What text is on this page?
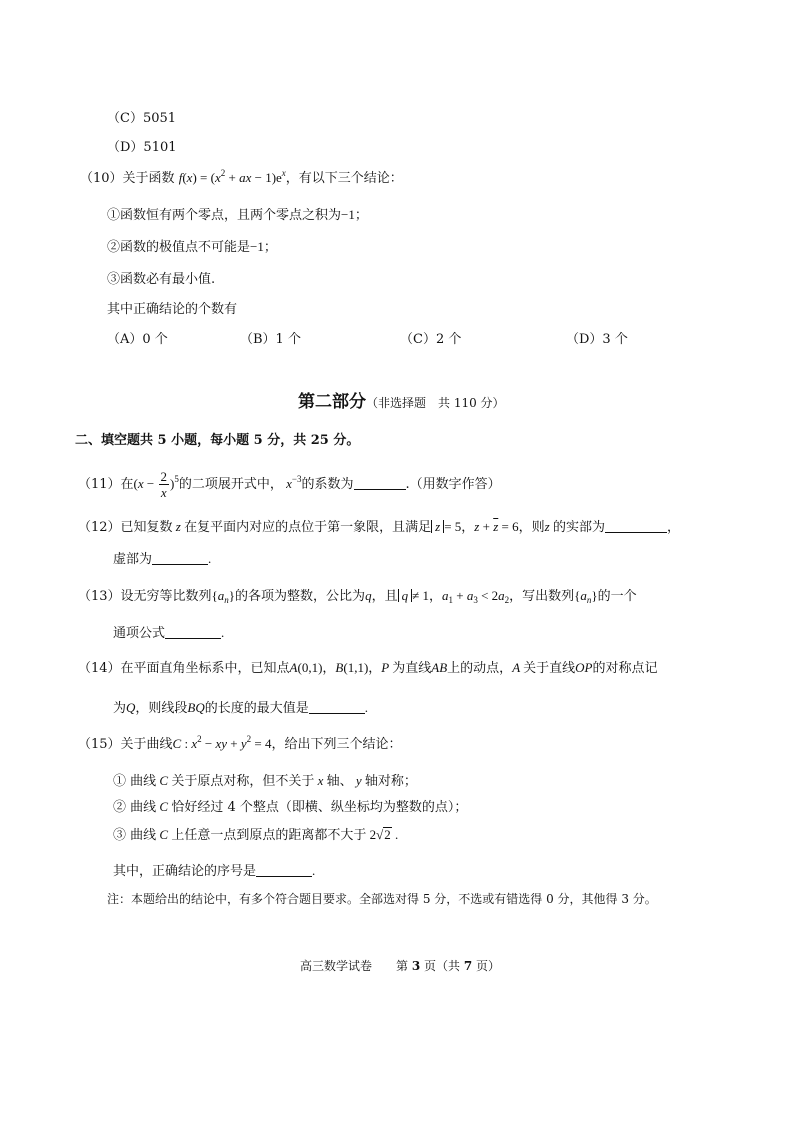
（C）5051
（D）5101
（10）关于函数 $f(x) = (x^2$ + ax − $1)e^x$，有以下三个结论：
①函数恒有两个零点，且两个零点之积为−1；
②函数的极值点不可能是−1；
③函数必有最小值.
其中正确结论的个数有
（A）0 个	（B）1 个	（C）2 个	（D）3 个
第二部分（非选择题　共 110 分）
二、填空题共 5 小题，每小题 5 分，共 25 分。
（11）在$(x - \frac{2}{x} )^5$的二项展开式中， $x^{-3}$的系数为	.（用数字作答）
（12）已知复数 z 在复平面内对应的点位于第一象限，且满足 z = 5，$z + \overline{z} = 6$，则z 的实部为	，
虚部为	.
（13）设无穷等比数列$\{a_n\}$的各项为整数，公比为q，且 q ≠ 1，$a_1 + a_3 < 2a_2$，写出数列$\{a_n\}$的一个
通项公式	.
（14）在平面直角坐标系中，已知点A(0,1)，B(1,1)，P 为直线AB上的动点，A 关于直线OP的对称点记
为Q，则线段BQ的长度的最大值是	.
（15）关于曲线C : $x^2$ − xy + $y^2 = 4$，给出下列三个结论：
① 曲线 C 关于原点对称，但不关于 x 轴、 y 轴对称；
② 曲线 C 恰好经过 4 个整点（即横、纵坐标均为整数的点）；
③ 曲线 C 上任意一点到原点的距离都不大于 2√2 .
其中，正确结论的序号是	.
注：本题给出的结论中，有多个符合题目要求。全部选对得 5 分，不选或有错选得 0 分，其他得 3 分。
高三数学试卷　　 第 3 页（共 7 页）
